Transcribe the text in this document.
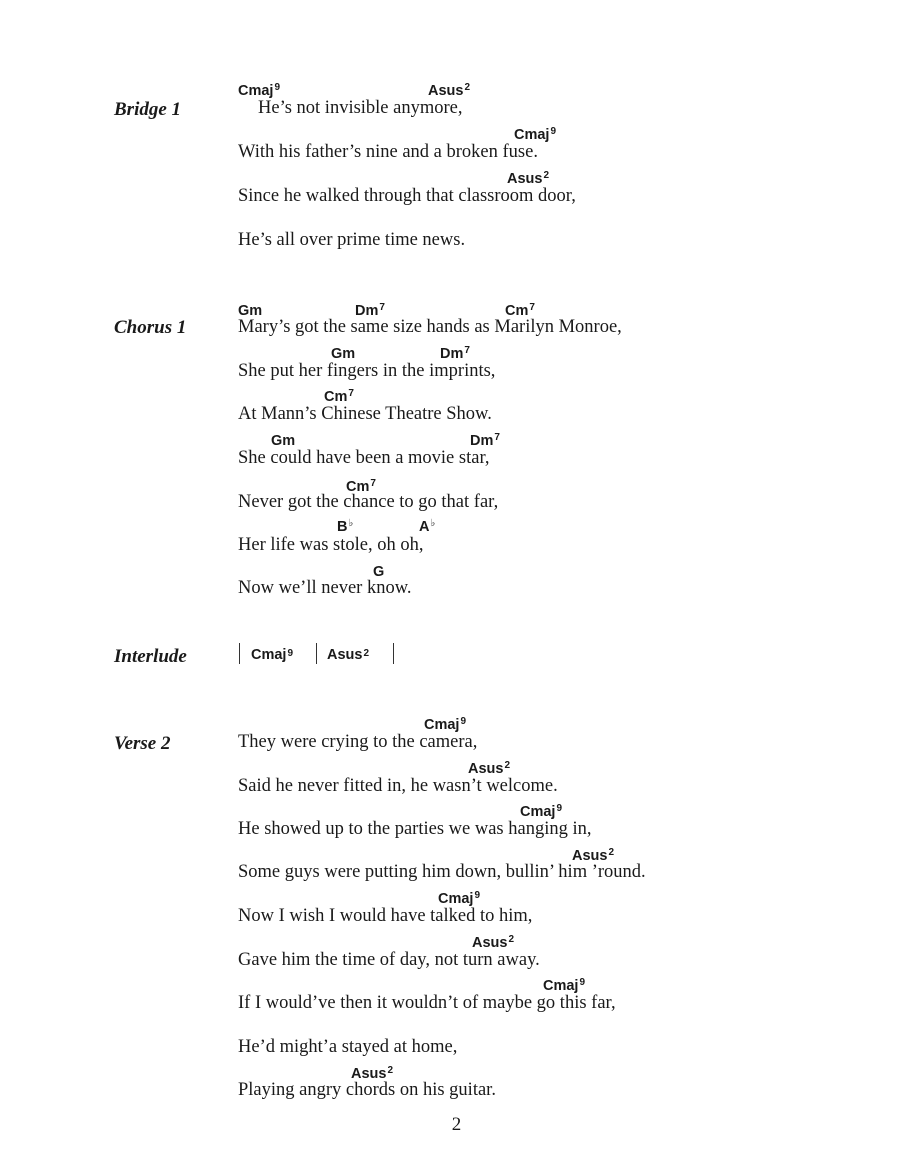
Bridge 1
Cmaj$^9$	Asus$^2$
He’s not invisible anymore,
Cmaj$^9$
With his father’s nine and a broken fuse.
Asus$^2$
Since he walked through that classroom door,
He’s all over prime time news.
Chorus 1
Gm	Dm$^7$	Cm$^7$
Mary’s got the same size hands as Marilyn Monroe,
Gm	Dm$^7$
She put her fingers in the imprints,
Cm$^7$
At Mann’s Chinese Theatre Show.
Gm	Dm$^7$
She could have been a movie star,
Cm$^7$
Never got the chance to go that far,
B♭	A♭
Her life was stole, oh oh,
G
Now we’ll never know.
Interlude	Cmaj$^9$ Asus$^2$
Verse 2
Cmaj$^9$
They were crying to the camera,
Asus$^2$
Said he never fitted in, he wasn’t welcome.
Cmaj$^9$
He showed up to the parties we was hanging in,
Asus$^2$
Some guys were putting him down, bullin’ him ’round.
Cmaj$^9$
Now I wish I would have talked to him,
Asus$^2$
Gave him the time of day, not turn away.
Cmaj$^9$
If I would’ve then it wouldn’t of maybe go this far,
He’d might’a stayed at home,
Asus$^2$
Playing angry chords on his guitar.
2
